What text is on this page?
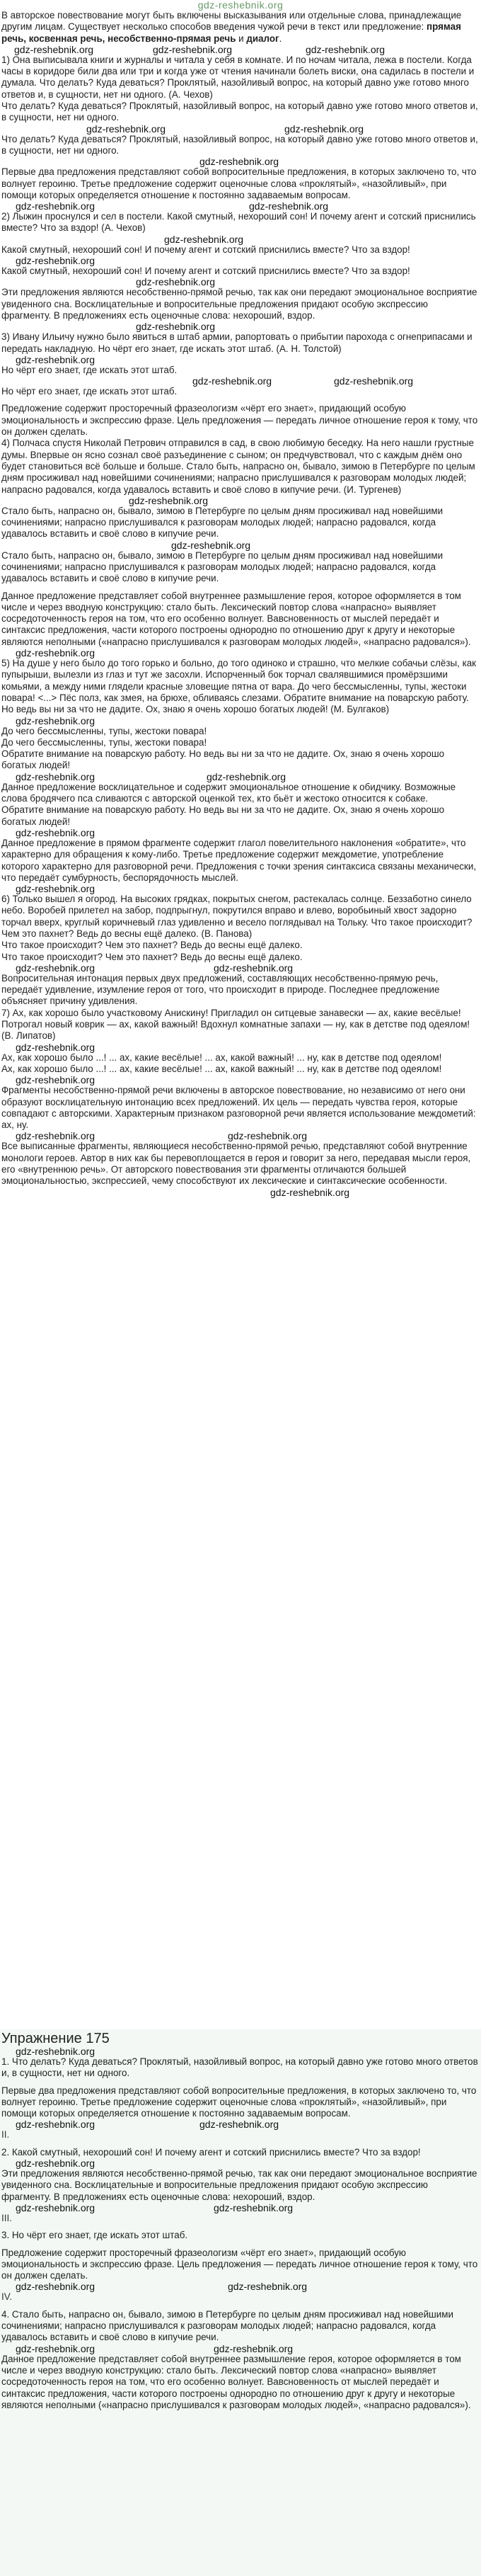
gdz-reshebnik.org

В авторское повествование могут быть включены высказывания или отдельные слова, принадлежащие другим лицам. Существует несколько способов введения чужой речи в текст или предложение: прямая речь, косвенная речь, несобственно-прямая речь и диалог.

gdz-reshebnik.org	gdz-reshebnik.org	gdz-reshebnik.org

1) Она выписывала книги и журналы и читала у себя в комнате. И по ночам читала, лежа в постели. Когда часы в коридоре били два или три и когда уже от чтения начинали болеть виски, она садилась в постели и думала. Что делать? Куда деваться? Проклятый, назойливый вопрос, на который давно уже готово много ответов и, в сущности, нет ни одного. (А. Чехов)

Что делать? Куда деваться? Проклятый, назойливый вопрос, на который давно уже готово много ответов и, в сущности, нет ни одного.

gdz-reshebnik.org	gdz-reshebnik.org

Что делать? Куда деваться? Проклятый, назойливый вопрос, на который давно уже готово много ответов и, в сущности, нет ни одного.

gdz-reshebnik.org

Первые два предложения представляют собой вопросительные предложения, в которых заключено то, что волнует героиню. Третье предложение содержит оценочные слова «проклятый», «назойливый», при помощи которых определяется отношение к постоянно задаваемым вопросам.

gdz-reshebnik.org	gdz-reshebnik.org

2) Лыжин проснулся и сел в постели. Какой смутный, нехороший сон! И почему агент и сотский приснились вместе? Что за вздор! (А. Чехов)

gdz-reshebnik.org

Какой смутный, нехороший сон! И почему агент и сотский приснились вместе? Что за вздор!

gdz-reshebnik.org

Какой смутный, нехороший сон! И почему агент и сотский приснились вместе? Что за вздор!

gdz-reshebnik.org

Эти предложения являются несобственно-прямой речью, так как они передают эмоциональное восприятие увиденного сна. Восклицательные и вопросительные предложения придают особую экспрессию фрагменту. В предложениях есть оценочные слова: нехороший, вздор.

gdz-reshebnik.org

3) Ивану Ильичу нужно было явиться в штаб армии, рапортовать о прибытии парохода с огнеприпасами и передать накладную. Но чёрт его знает, где искать этот штаб. (А. Н. Толстой)

gdz-reshebnik.org

Но чёрт его знает, где искать этот штаб.

gdz-reshebnik.org	gdz-reshebnik.org

Но чёрт его знает, где искать этот штаб.

Предложение содержит просторечный фразеологизм «чёрт его знает», придающий особую эмоциональность и экспрессию фразе. Цель предложения — передать личное отношение героя к тому, что он должен сделать.

4) Полчаса спустя Николай Петрович отправился в сад, в свою любимую беседку. На него нашли грустные думы. Впервые он ясно сознал своё разъединение с сыном; он предчувствовал, что с каждым днём оно будет становиться всё больше и больше. Стало быть, напрасно он, бывало, зимою в Петербурге по целым дням просиживал над новейшими сочинениями; напрасно прислушивался к разговорам молодых людей; напрасно радовался, когда удавалось вставить и своё слово в кипучие речи. (И. Тургенев)

gdz-reshebnik.org

Стало быть, напрасно он, бывало, зимою в Петербурге по целым дням просиживал над новейшими сочинениями; напрасно прислушивался к разговорам молодых людей; напрасно радовался, когда удавалось вставить и своё слово в кипучие речи.

gdz-reshebnik.org

Стало быть, напрасно он, бывало, зимою в Петербурге по целым дням просиживал над новейшими сочинениями; напрасно прислушивался к разговорам молодых людей; напрасно радовался, когда удавалось вставить и своё слово в кипучие речи.

Данное предложение представляет собой внутреннее размышление героя, которое оформляется в том числе и через вводную конструкцию: стало быть. Лексический повтор слова «напрасно» выявляет сосредоточенность героя на том, что его особенно волнует. Вавсновенность от мыслей передаёт и синтаксис предложения, части которого построены однородно по отношению друг к другу и некоторые являются неполными («напрасно прислушивался к разговорам молодых людей», «напрасно радовался»).

gdz-reshebnik.org

5) На душе у него было до того горько и больно, до того одиноко и страшно, что мелкие собачьи слёзы, как пупырыши, вылезли из глаз и тут же засохли. Испорченный бок торчал свалявшимися промёрзшими комьями, а между ними глядели красные зловещие пятна от вара. До чего бессмысленны, тупы, жестоки повара! <...> Пёс полз, как змея, на брюхе, обливаясь слезами. Обратите внимание на поварскую работу. Но ведь вы ни за что не дадите. Ох, знаю я очень хорошо богатых людей! (М. Булгаков)

gdz-reshebnik.org

До чего бессмысленны, тупы, жестоки повара!

До чего бессмысленны, тупы, жестоки повара!

Обратите внимание на поварскую работу. Но ведь вы ни за что не дадите. Ох, знаю я очень хорошо богатых людей!

gdz-reshebnik.org	gdz-reshebnik.org

Данное предложение восклицательное и содержит эмоциональное отношение к обидчику. Возможные слова бродячего пса сливаются с авторской оценкой тех, кто бьёт и жестоко относится к собаке.

Обратите внимание на поварскую работу. Но ведь вы ни за что не дадите. Ох, знаю я очень хорошо богатых людей!

gdz-reshebnik.org

Данное предложение в прямом фрагменте содержит глагол повелительного наклонения «обратите», что характерно для обращения к кому-либо. Третье предложение содержит междометие, употребление которого характерно для разговорной речи. Предложения с точки зрения синтаксиса связаны механически, что передаёт сумбурность, беспорядочность мыслей.

gdz-reshebnik.org

6) Только вышел я огород. На высоких грядках, покрытых снегом, растекалась солнце. Беззаботно синело небо. Воробей прилетел на забор, подпрыгнул, покрутился вправо и влево, воробьиный хвост задорно торчал вверх, круглый коричневый глаз удивленно и весело поглядывал на Тольку. Что такое происходит? Чем это пахнет? Ведь до весны ещё далеко. (В. Панова)

Что такое происходит? Чем это пахнет? Ведь до весны ещё далеко.

Что такое происходит? Чем это пахнет? Ведь до весны ещё далеко.

gdz-reshebnik.org	gdz-reshebnik.org

Вопросительная интонация первых двух предложений, составляющих несобственно-прямую речь, передаёт удивление, изумление героя от того, что происходит в природе. Последнее предложение объясняет причину удивления.

7) Ах, как хорошо было участковому Анискину! Пригладил он ситцевые занавески — ах, какие весёлые! Потрогал новый коврик — ах, какой важный! Вдохнул комнатные запахи — ну, как в детстве под одеялом! (В. Липатов)

gdz-reshebnik.org

Ах, как хорошо было ...! ... ах, какие весёлые! ... ах, какой важный! ... ну, как в детстве под одеялом!

Ах, как хорошо было ...! ... ах, какие весёлые! ... ах, какой важный! ... ну, как в детстве под одеялом!

gdz-reshebnik.org

Фрагменты несобственно-прямой речи включены в авторское повествование, но независимо от него они образуют восклицательную интонацию всех предложений. Их цель — передать чувства героя, которые совпадают с авторскими. Характерным признаком разговорной речи является использование междометий: ах, ну.

gdz-reshebnik.org	gdz-reshebnik.org

Все выписанные фрагменты, являющиеся несобственно-прямой речью, представляют собой внутренние монологи героев. Автор в них как бы перевоплощается в героя и говорит за него, передавая мысли героя, его «внутреннюю речь». От авторского повествования эти фрагменты отличаются большей эмоциональностью, экспрессией, чему способствуют их лексические и синтаксические особенности.

gdz-reshebnik.org

Упражнение 175
gdz-reshebnik.org

1. Что делать? Куда деваться? Проклятый, назойливый вопрос, на который давно уже готово много ответов и, в сущности, нет ни одного.

Первые два предложения представляют собой вопросительные предложения, в которых заключено то, что волнует героиню. Третье предложение содержит оценочные слова «проклятый», «назойливый», при помощи которых определяется отношение к постоянно задаваемым вопросам.

gdz-reshebnik.org	gdz-reshebnik.org
II.

2. Какой смутный, нехороший сон! И почему агент и сотский приснились вместе? Что за вздор!

gdz-reshebnik.org

Эти предложения являются несобственно-прямой речью, так как они передают эмоциональное восприятие увиденного сна. Восклицательные и вопросительные предложения придают особую экспрессию фрагменту. В предложениях есть оценочные слова: нехороший, вздор.

gdz-reshebnik.org	gdz-reshebnik.org
III.

3. Но чёрт его знает, где искать этот штаб.

Предложение содержит просторечный фразеологизм «чёрт его знает», придающий особую эмоциональность и экспрессию фразе. Цель предложения — передать личное отношение героя к тому, что он должен сделать.

gdz-reshebnik.org	gdz-reshebnik.org
IV.

4. Стало быть, напрасно он, бывало, зимою в Петербурге по целым дням просиживал над новейшими сочинениями; напрасно прислушивался к разговорам молодых людей; напрасно радовался, когда удавалось вставить и своё слово в кипучие речи.

gdz-reshebnik.org	gdz-reshebnik.org

Данное предложение представляет собой внутреннее размышление героя, которое оформляется в том числе и через вводную конструкцию: стало быть. Лексический повтор слова «напрасно» выявляет сосредоточенность героя на том, что его особенно волнует. Вавсновенность от мыслей передаёт и синтаксис предложения, части которого построены однородно по отношению друг к другу и некоторые являются неполными («напрасно прислушивался к разговорам молодых людей», «напрасно радовался»).
